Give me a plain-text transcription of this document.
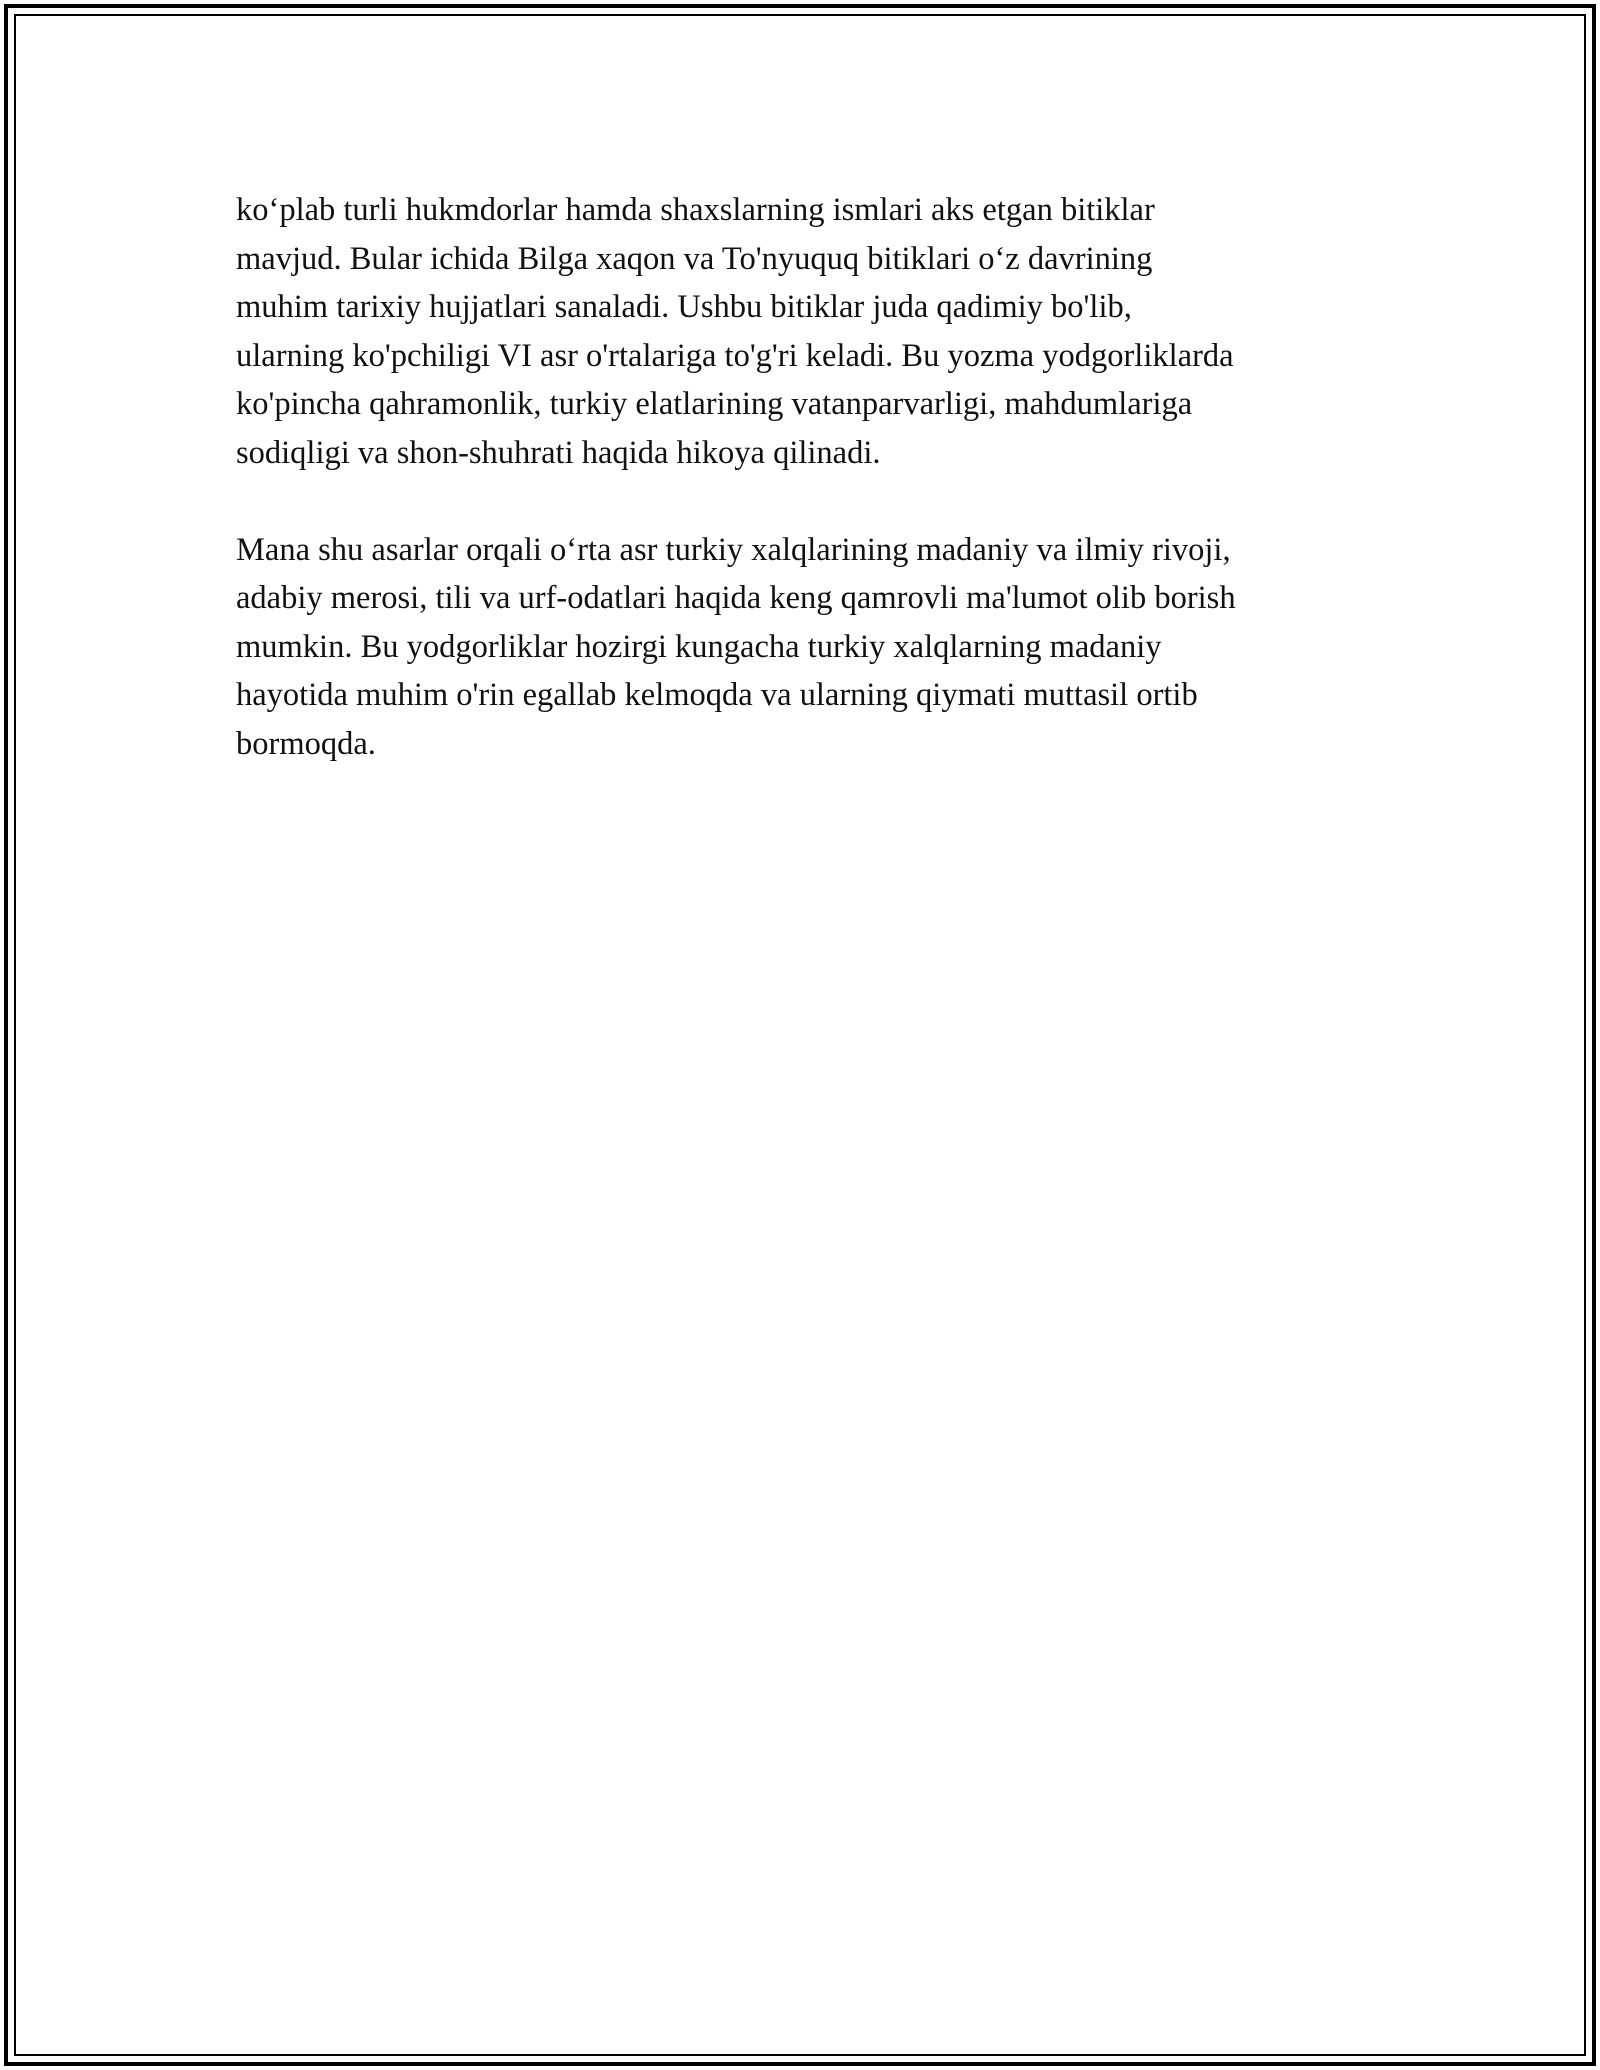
ko‘plab turli hukmdorlar hamda shaxslarning ismlari aks etgan bitiklar
mavjud. Bular ichida Bilga xaqon va To'nyuquq bitiklari o‘z davrining
muhim tarixiy hujjatlari sanaladi. Ushbu bitiklar juda qadimiy bo'lib,
ularning ko'pchiligi VI asr o'rtalariga to'g'ri keladi. Bu yozma yodgorliklarda
ko'pincha qahramonlik, turkiy elatlarining vatanparvarligi, mahdumlariga
sodiqligi va shon-shuhrati haqida hikoya qilinadi.

Mana shu asarlar orqali o‘rta asr turkiy xalqlarining madaniy va ilmiy rivoji,
adabiy merosi, tili va urf-odatlari haqida keng qamrovli ma'lumot olib borish
mumkin. Bu yodgorliklar hozirgi kungacha turkiy xalqlarning madaniy
hayotida muhim o'rin egallab kelmoqda va ularning qiymati muttasil ortib
bormoqda.
